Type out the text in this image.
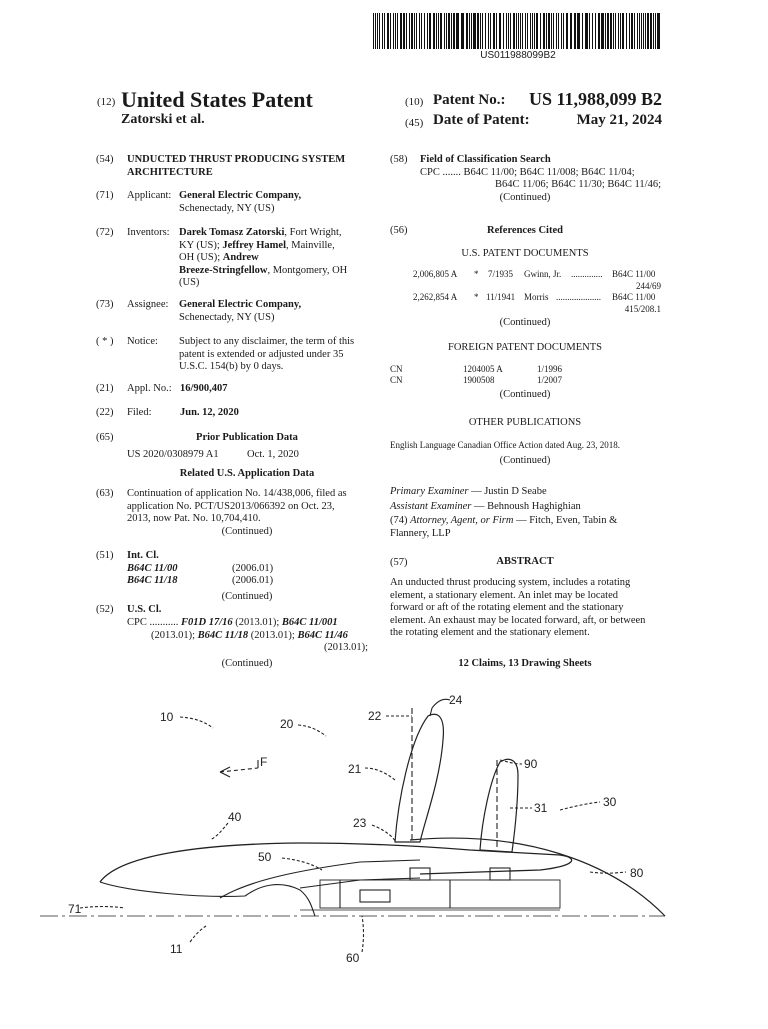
US011988099B2
(12) United States Patent
Zatorski et al.
(10) Patent No.:	US 11,988,099 B2
(45) Date of Patent:	May 21, 2024
(54) UNDUCTED THRUST PRODUCING SYSTEM ARCHITECTURE
(71) Applicant: General Electric Company,
Schenectady, NY (US)
(72) Inventors: Darek Tomasz Zatorski, Fort Wright,
KY (US); Jeffrey Hamel, Mainville,
OH (US); Andrew
Breeze-Stringfellow, Montgomery, OH
(US)
(73) Assignee: General Electric Company,
Schenectady, NY (US)
( * ) Notice: Subject to any disclaimer, the term of this
patent is extended or adjusted under 35
U.S.C. 154(b) by 0 days.
(21) Appl. No.: 16/900,407
(22) Filed:	Jun. 12, 2020
(65)	Prior Publication Data
US 2020/0308979 A1	Oct. 1, 2020
Related U.S. Application Data
(63) Continuation of application No. 14/438,006, filed as
application No. PCT/US2013/066392 on Oct. 23,
2013, now Pat. No. 10,704,410.
(Continued)
(51) Int. Cl.
B64C 11/00	(2006.01)
B64C 11/18	(2006.01)
(Continued)
(52) U.S. Cl.
CPC ........... F01D 17/16 (2013.01); B64C 11/001
(2013.01); B64C 11/18 (2013.01); B64C 11/46
(2013.01);
(Continued)
(58) Field of Classification Search
CPC ....... B64C 11/00; B64C 11/008; B64C 11/04;
B64C 11/06; B64C 11/30; B64C 11/46;
(Continued)
(56)	References Cited
U.S. PATENT DOCUMENTS
2,006,805 A * 7/1935 Gwinn, Jr. .............. B64C 11/00
244/69
2,262,854 A * 11/1941 Morris .................... B64C 11/00
415/208.1
(Continued)
FOREIGN PATENT DOCUMENTS
CN	1204005 A	1/1996
CN	1900508	1/2007
(Continued)
OTHER PUBLICATIONS
English Language Canadian Office Action dated Aug. 23, 2018.
(Continued)
Primary Examiner — Justin D Seabe
Assistant Examiner — Behnoush Haghighian
(74) Attorney, Agent, or Firm — Fitch, Even, Tabin &
Flannery, LLP
(57)	ABSTRACT
An unducted thrust producing system, includes a rotating
element, a stationary element. An inlet may be located
forward or aft of the rotating element and the stationary
element. An exhaust may be located forward, aft, or between
the rotating element and the stationary element.
12 Claims, 13 Drawing Sheets
10	20
22
24
21	90
31	30
40	23
50
80
71
11
60
F
